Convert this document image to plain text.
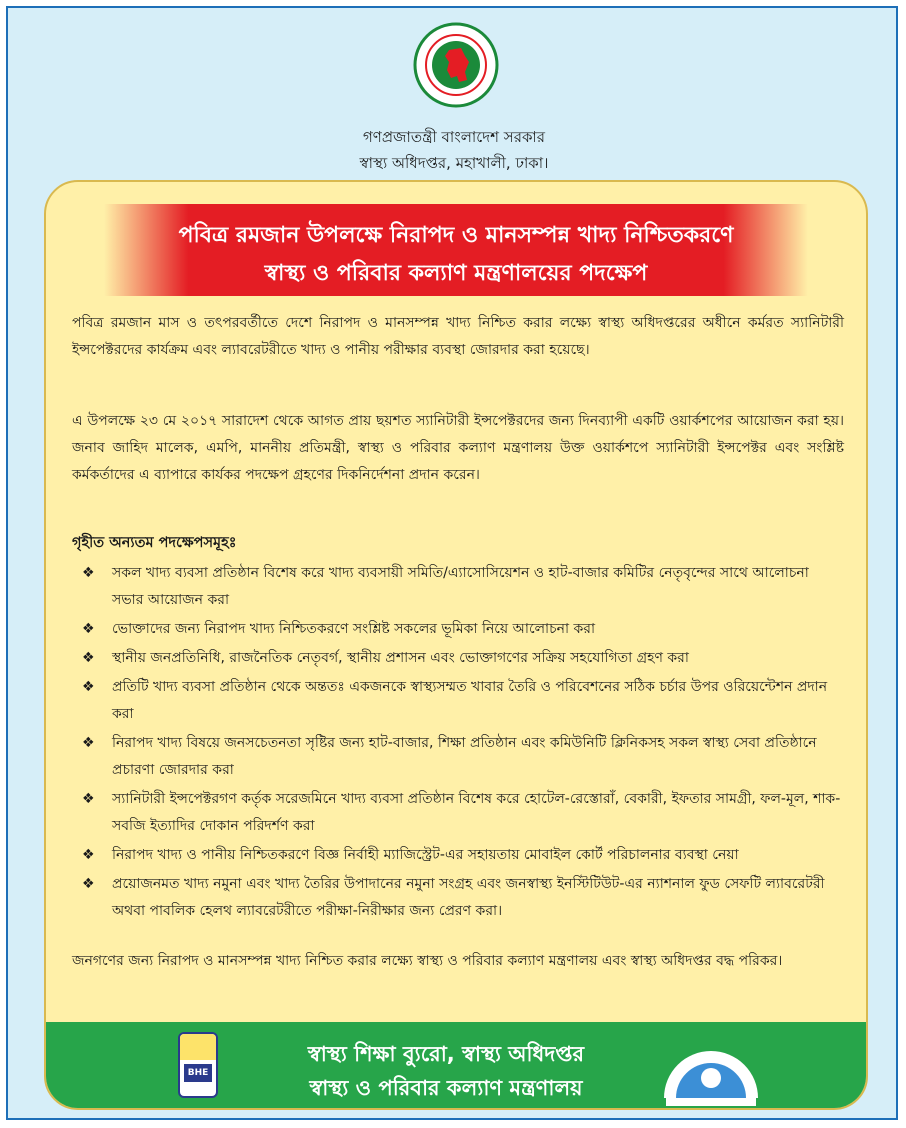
গণপ্রজাতন্ত্রী বাংলাদেশ সরকার
স্বাস্থ্য অধিদপ্তর, মহাখালী, ঢাকা।
পবিত্র রমজান উপলক্ষে নিরাপদ ও মানসম্পন্ন খাদ্য নিশ্চিতকরণে
স্বাস্থ্য ও পরিবার কল্যাণ মন্ত্রণালয়ের পদক্ষেপ
পবিত্র রমজান মাস ও তৎপরবর্তীতে দেশে নিরাপদ ও মানসম্পন্ন খাদ্য নিশ্চিত করার লক্ষ্যে স্বাস্থ্য অধিদপ্তরের অধীনে কর্মরত স্যানিটারী ইন্সপেক্টরদের কার্যক্রম এবং ল্যাবরেটরীতে খাদ্য ও পানীয় পরীক্ষার ব্যবস্থা জোরদার করা হয়েছে।
এ উপলক্ষে ২৩ মে ২০১৭ সারাদেশ থেকে আগত প্রায় ছয়শত স্যানিটারী ইন্সপেক্টরদের জন্য দিনব্যাপী একটি ওয়ার্কশপের আয়োজন করা হয়। জনাব জাহিদ মালেক, এমপি, মাননীয় প্রতিমন্ত্রী, স্বাস্থ্য ও পরিবার কল্যাণ মন্ত্রণালয় উক্ত ওয়ার্কশপে স্যানিটারী ইন্সপেক্টর এবং সংশ্লিষ্ট কর্মকর্তাদের এ ব্যাপারে কার্যকর পদক্ষেপ গ্রহণের দিকনির্দেশনা প্রদান করেন।
গৃহীত অন্যতম পদক্ষেপসমূহঃ
❖ সকল খাদ্য ব্যবসা প্রতিষ্ঠান বিশেষ করে খাদ্য ব্যবসায়ী সমিতি/এ্যাসোসিয়েশন ও হাট-বাজার কমিটির নেতৃবৃন্দের সাথে আলোচনা সভার আয়োজন করা
❖ ভোক্তাদের জন্য নিরাপদ খাদ্য নিশ্চিতকরণে সংশ্লিষ্ট সকলের ভূমিকা নিয়ে আলোচনা করা
❖ স্থানীয় জনপ্রতিনিধি, রাজনৈতিক নেতৃবর্গ, স্থানীয় প্রশাসন এবং ভোক্তাগণের সক্রিয় সহযোগিতা গ্রহণ করা
❖ প্রতিটি খাদ্য ব্যবসা প্রতিষ্ঠান থেকে অন্ততঃ একজনকে স্বাস্থ্যসম্মত খাবার তৈরি ও পরিবেশনের সঠিক চর্চার উপর ওরিয়েন্টেশন প্রদান করা
❖ নিরাপদ খাদ্য বিষয়ে জনসচেতনতা সৃষ্টির জন্য হাট-বাজার, শিক্ষা প্রতিষ্ঠান এবং কমিউনিটি ক্লিনিকসহ সকল স্বাস্থ্য সেবা প্রতিষ্ঠানে প্রচারণা জোরদার করা
❖ স্যানিটারী ইন্সপেক্টরগণ কর্তৃক সরেজমিনে খাদ্য ব্যবসা প্রতিষ্ঠান বিশেষ করে হোটেল-রেস্তোরাঁ, বেকারী, ইফতার সামগ্রী, ফল-মূল, শাক-সবজি ইত্যাদির দোকান পরিদর্শণ করা
❖ নিরাপদ খাদ্য ও পানীয় নিশ্চিতকরণে বিজ্ঞ নির্বাহী ম্যাজিস্ট্রেট-এর সহায়তায় মোবাইল কোর্ট পরিচালনার ব্যবস্থা নেয়া
❖ প্রয়োজনমত খাদ্য নমুনা এবং খাদ্য তৈরির উপাদানের নমুনা সংগ্রহ এবং জনস্বাস্থ্য ইনস্টিটিউট-এর ন্যাশনাল ফুড সেফটি ল্যাবরেটরী অথবা পাবলিক হেলথ ল্যাবরেটরীতে পরীক্ষা-নিরীক্ষার জন্য প্রেরণ করা।
জনগণের জন্য নিরাপদ ও মানসম্পন্ন খাদ্য নিশ্চিত করার লক্ষ্যে স্বাস্থ্য ও পরিবার কল্যাণ মন্ত্রণালয় এবং স্বাস্থ্য অধিদপ্তর বদ্ধ পরিকর।
BHE
স্বাস্থ্য শিক্ষা ব্যুরো, স্বাস্থ্য অধিদপ্তর
স্বাস্থ্য ও পরিবার কল্যাণ মন্ত্রণালয়
